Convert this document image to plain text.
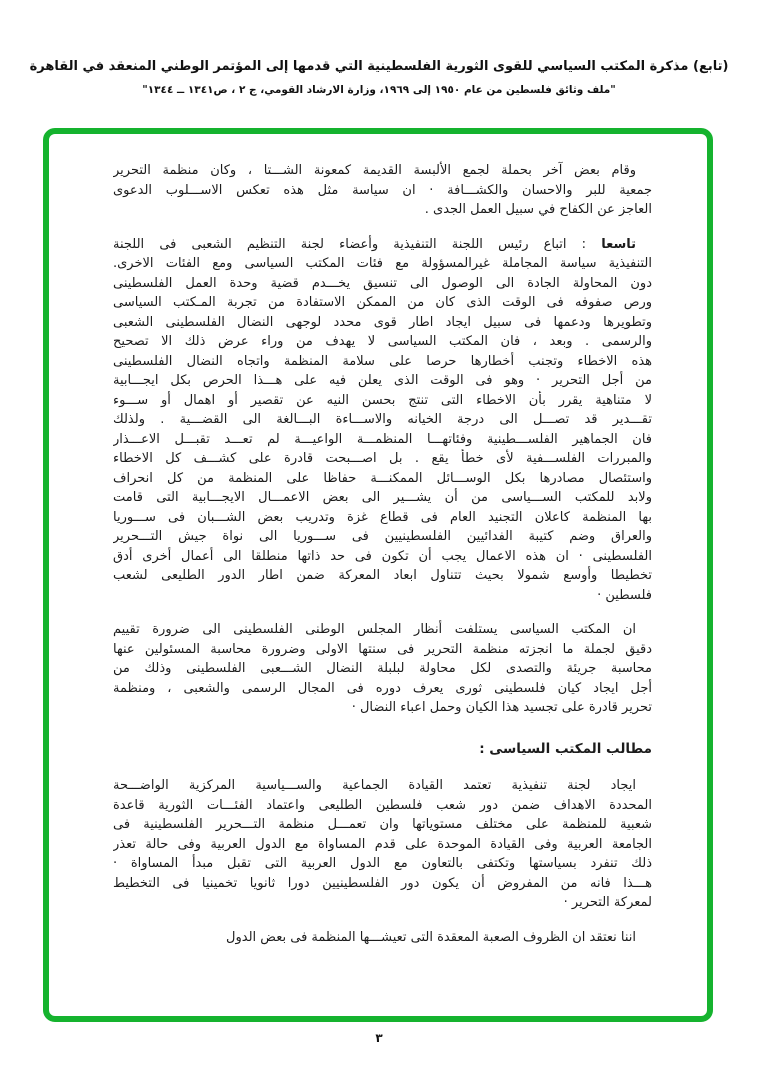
(تابع) مذكرة المكتب السياسي للقوى الثورية الفلسطينية التي قدمها إلى المؤتمر الوطني المنعقد في القاهرة
"ملف وثائق فلسطين من عام ١٩٥٠ إلى ١٩٦٩، وزارة الارشاد القومي، ج ٢ ، ص١٣٤١ ــ ١٣٤٤"
وقام بعض آخر بحملة لجمع الألبسة القديمة كمعونة الشـــتا ، وكان منظمة التحرير
جمعية للبر والاحسان والكشـــافة · ان سياسة مثل هذه تعكس الاســـلوب الدعوى
العاجز عن الكفاح في سبيل العمل الجدى .
تاسعا : اتباع رئيس اللجنة التنفيذية وأعضاء لجنة التنظيم الشعبى فى اللجنة
التنفيذية سياسة المجاملة غيرالمسؤولة مع فئات المكتب السياسى ومع الفئات الاخرى.
دون المحاولة الجادة الى الوصول الى تنسيق يخـــدم قضية وحدة العمل الفلسطينى
ورص صفوفه فى الوقت الذى كان من الممكن الاستفادة من تجربة المـكتب السياسى
وتطويرها ودعمها فى سبيل ايجاد اطار قوى محدد لوجهى النضال الفلسطينى الشعبى
والرسمى . وبعد ، فان المكتب السياسى لا يهدف من وراء عرض ذلك الا تصحيح
هذه الاخطاء وتجنب أخطارها حرصا على سلامة المنظمة واتجاه النضال الفلسطينى
من أجل التحرير · وهو فى الوقت الذى يعلن فيه على هـــذا الحرص بكل ايجـــابية
لا متناهية يقرر بأن الاخطاء التى تنتج بحسن النيه عن تقصير أو اهمال أو ســـوء
تقـــدير قد تصـــل الى درجة الخيانه والاســـاءة البـــالغة الى القضـــية . ولذلك
فان الجماهير الفلســـطينية وفئاتهـــا المنظمـــة الواعيـــة لم تعـــد تقبـــل الاعـــذار
والمبررات الفلســـفية لأى خطأ يقع . بل اصـــبحت قادرة على كشـــف كل الاخطاء
واستئصال مصادرها بكل الوســـائل الممكنـــة حفاظا على المنظمة من كل انحراف
ولابد للمكتب الســـياسى من أن يشـــير الى بعض الاعمـــال الايجـــابية التى قامت
بها المنظمة كاعلان التجنيد العام فى قطاع غزة وتدريب بعض الشـــبان فى ســـوريا
والعراق وضم كتيبة الفدائيين الفلسطينيين فى ســـوريا الى نواة جيش التـــحرير
الفلسطينى · ان هذه الاعمال يجب أن تكون فى حد ذاتها منطلقا الى أعمال أخرى أدق
تخطيطا وأوسع شمولا بحيث تتناول ابعاد المعركة ضمن اطار الدور الطليعى لشعب
فلسطين ·
ان المكتب السياسى يستلفت أنظار المجلس الوطنى الفلسطينى الى ضرورة تقييم
دقيق لجملة ما انجزته منظمة التحرير فى سنتها الاولى وضرورة محاسبة المسئولين عنها
محاسبة جريئة والتصدى لكل محاولة لبلبلة النضال الشـــعبى الفلسطينى وذلك من
أجل ايجاد كيان فلسطينى ثورى يعرف دوره فى المجال الرسمى والشعبى ، ومنظمة
تحرير قادرة على تجسيد هذا الكيان وحمل اعباء النضال ·
مطالب المكتب السياسى :
ايجاد لجنة تنفيذية تعتمد القيادة الجماعية والســـياسية المركزية الواضـــحة
المحددة الاهداف ضمن دور شعب فلسطين الطليعى واعتماد الفئـــات الثورية قاعدة
شعبية للمنظمة على مختلف مستوياتها وان تعمـــل منظمة التـــحرير الفلسطينية فى
الجامعة العربية وفى القيادة الموحدة على قدم المساواة مع الدول العربية وفى حالة تعذر
ذلك تنفرد بسياستها وتكتفى بالتعاون مع الدول العربية التى تقبل مبدأ المساواة ·
هـــذا فانه من المفروض أن يكون دور الفلسطينيين دورا ثانويا تخمينيا فى التخطيط
لمعركة التحرير ·
اننا نعتقد ان الظروف الصعبة المعقدة التى تعيشـــها المنظمة فى بعض الدول
٣
